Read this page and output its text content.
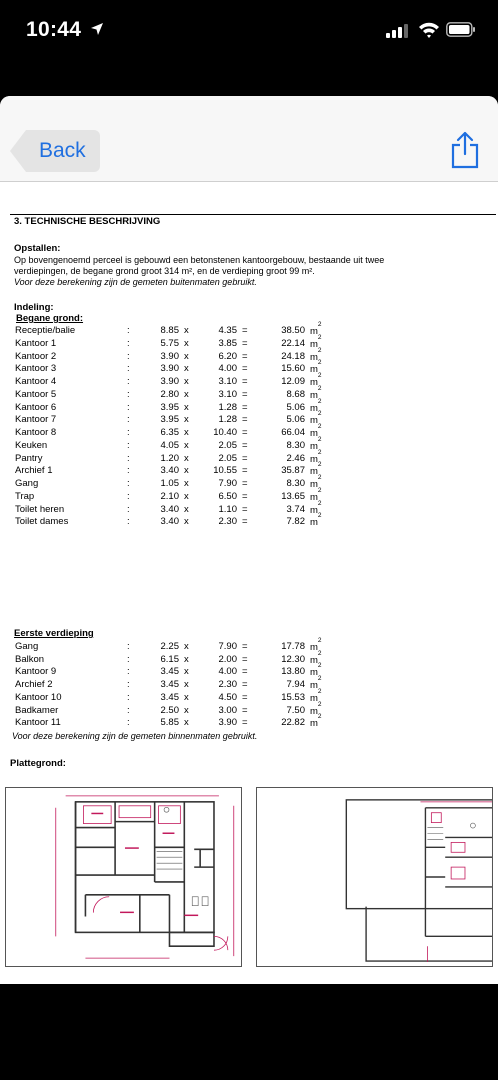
10:44
Back
3. TECHNISCHE BESCHRIJVING
Opstallen:
Op bovengenoemd perceel is gebouwd een betonstenen kantoorgebouw, bestaande uit twee
verdiepingen, de begane grond groot 314 m², en de verdieping groot 99 m².
Voor deze berekening zijn de gemeten buitenmaten gebruikt.
Indeling:
Begane grond:
Receptie/balie	:	8.85 x	4.35 =	38.50 $m^2$
Kantoor 1	:	5.75 x	3.85 =	22.14 $m^2$
Kantoor 2	:	3.90 x	6.20 =	24.18 $m^2$
Kantoor 3	:	3.90 x	4.00 =	15.60 $m^2$
Kantoor 4	:	3.90 x	3.10 =	12.09 $m^2$
Kantoor 5	:	2.80 x	3.10 =	8.68 $m^2$
Kantoor 6	:	3.95 x	1.28 =	5.06 $m^2$
Kantoor 7	:	3.95 x	1.28 =	5.06 $m^2$
Kantoor 8	:	6.35 x	10.40 =	66.04 $m^2$
Keuken	:	4.05 x	2.05 =	8.30 $m^2$
Pantry	:	1.20 x	2.05 =	2.46 $m^2$
Archief 1	:	3.40 x	10.55 =	35.87 $m^2$
Gang	:	1.05 x	7.90 =	8.30 $m^2$
Trap	:	2.10 x	6.50 =	13.65 $m^2$
Toilet heren	:	3.40 x	1.10 =	3.74 $m^2$
Toilet dames	:	3.40 x	2.30 =	7.82 $m^2$
Eerste verdieping
Gang	:	2.25 x	7.90 =	17.78 $m^2$
Balkon	:	6.15 x	2.00 =	12.30 $m^2$
Kantoor 9	:	3.45 x	4.00 =	13.80 $m^2$
Archief 2	:	3.45 x	2.30 =	7.94 $m^2$
Kantoor 10	:	3.45 x	4.50 =	15.53 $m^2$
Badkamer	:	2.50 x	3.00 =	7.50 $m^2$
Kantoor 11	:	5.85 x	3.90 =	22.82 $m^2$
Voor deze berekening zijn de gemeten binnenmaten gebruikt.
Plattegrond:
